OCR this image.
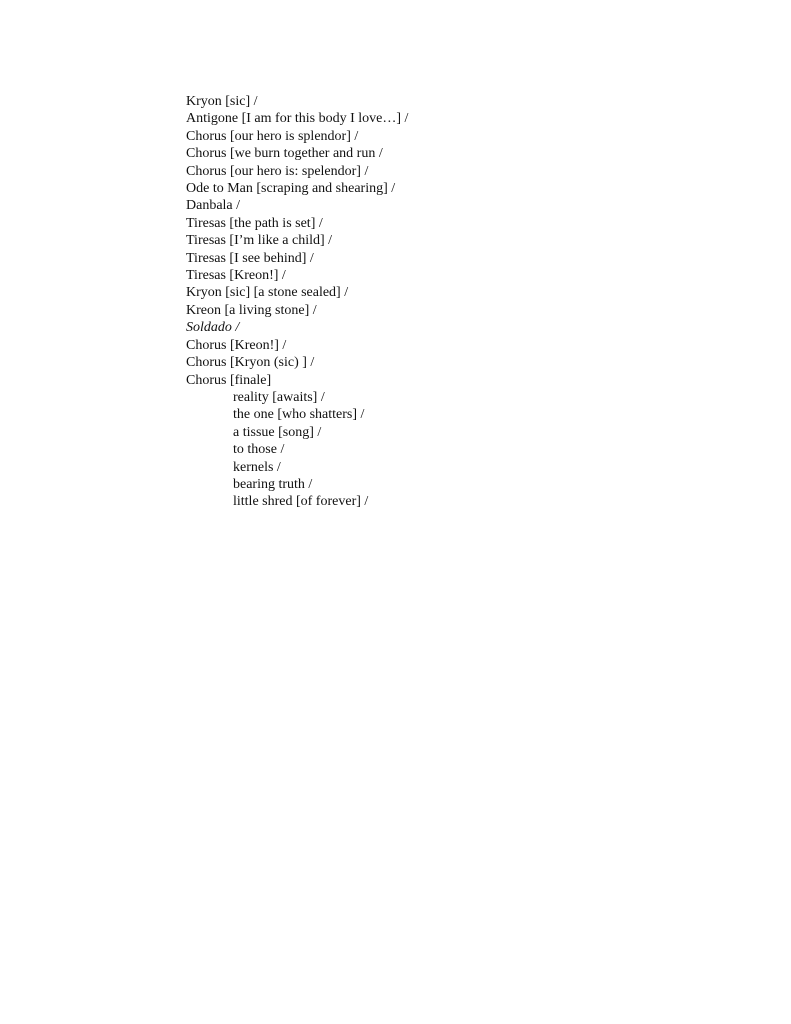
Kryon [sic] /
Antigone [I am for this body I love…] /
Chorus [our hero is splendor] /
Chorus [we burn together and run /
Chorus [our hero is: spelendor] /
Ode to Man [scraping and shearing] /
Danbala /
Tiresas [the path is set] /
Tiresas [I’m like a child] /
Tiresas [I see behind] /
Tiresas [Kreon!] /
Kryon [sic] [a stone sealed] /
Kreon [a living stone] /
Soldado /
Chorus [Kreon!] /
Chorus [Kryon (sic) ] /
Chorus [finale]
reality [awaits] /
the one [who shatters] /
a tissue [song] /
to those /
kernels /
bearing truth /
little shred [of forever] /
